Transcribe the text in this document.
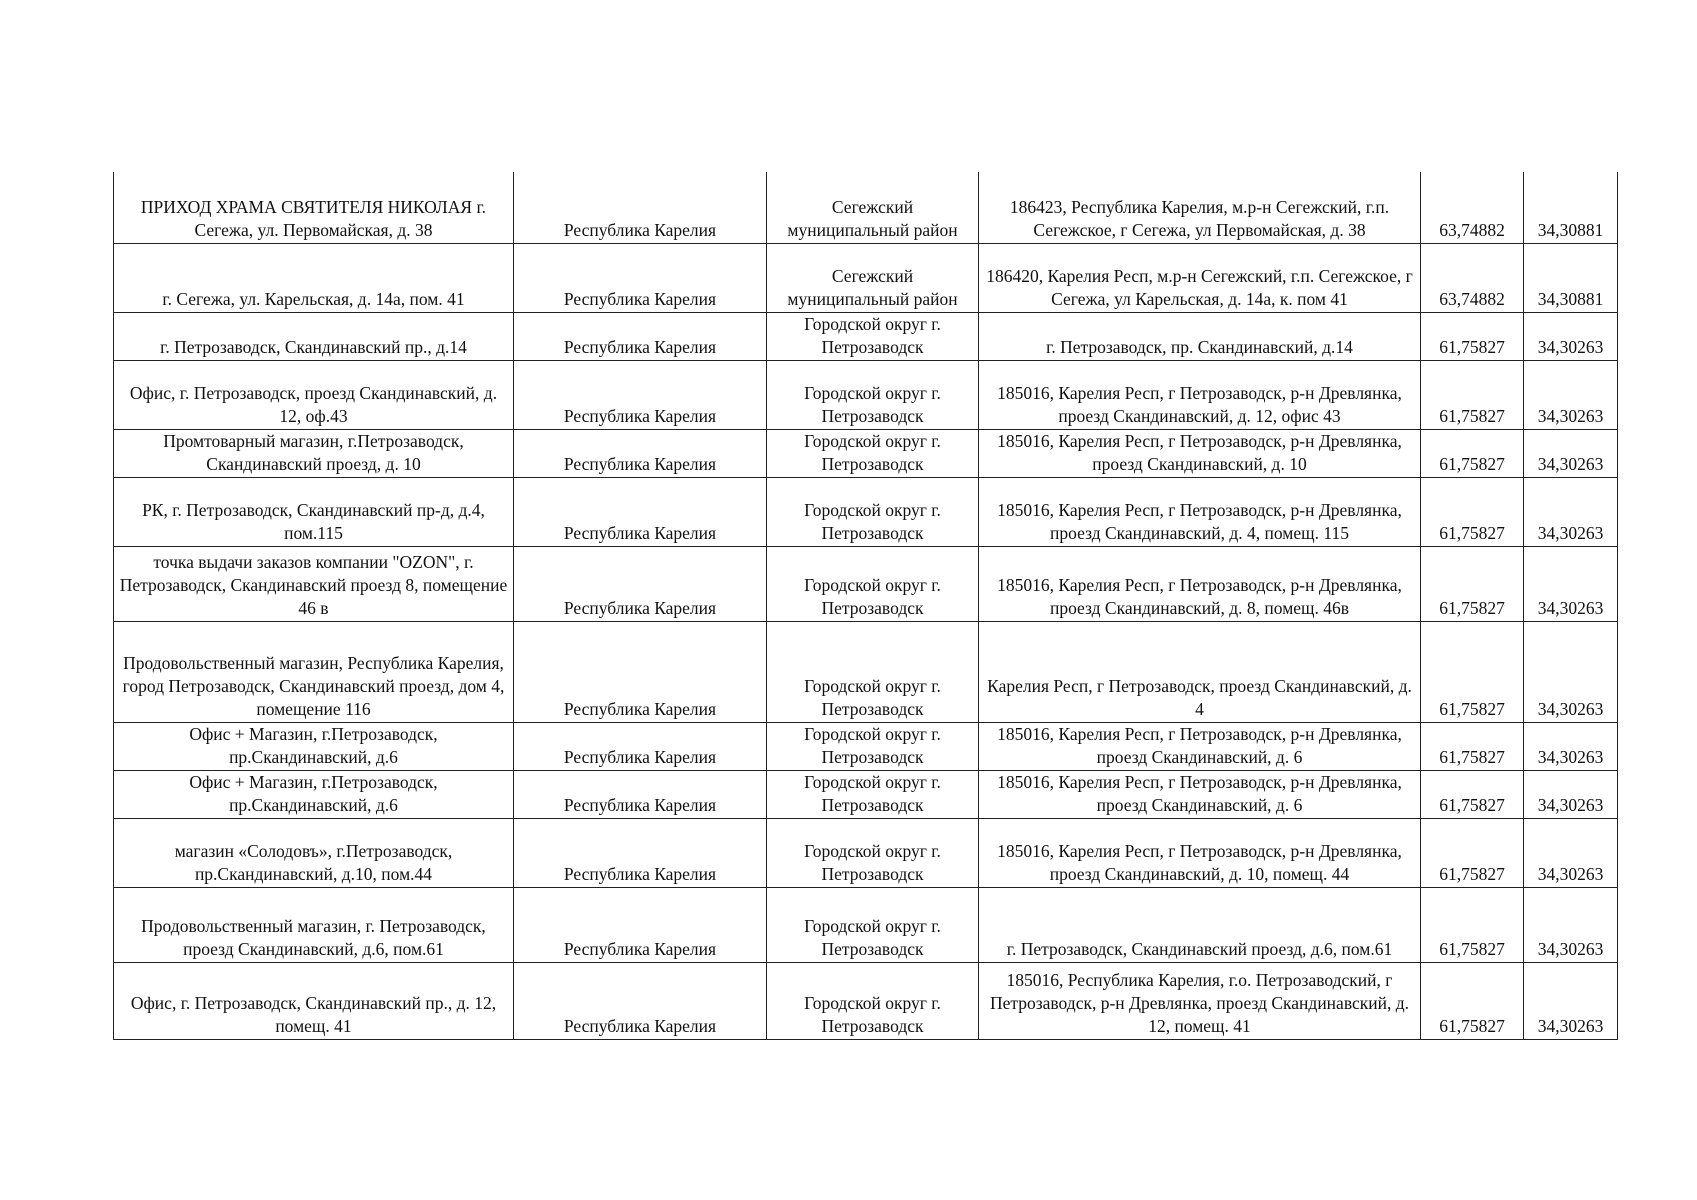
ПРИХОД ХРАМА СВЯТИТЕЛЯ НИКОЛАЯ г. Сегежа, ул. Первомайская, д. 38	Республика Карелия	Сегежский муниципальный район	186423, Республика Карелия, м.р-н Сегежский, г.п. Сегежское, г Сегежа, ул Первомайская, д. 38	63,74882	34,30881
г. Сегежа, ул. Карельская, д. 14а, пом. 41	Республика Карелия	Сегежский муниципальный район	186420, Карелия Респ, м.р-н Сегежский, г.п. Сегежское, г Сегежа, ул Карельская, д. 14а, к. пом 41	63,74882	34,30881
г. Петрозаводск, Скандинавский пр., д.14	Республика Карелия	Городской округ г. Петрозаводск	г. Петрозаводск, пр. Скандинавский, д.14	61,75827	34,30263
Офис, г. Петрозаводск, проезд Скандинавский, д. 12, оф.43	Республика Карелия	Городской округ г. Петрозаводск	185016, Карелия Респ, г Петрозаводск, р-н Древлянка, проезд Скандинавский, д. 12, офис 43	61,75827	34,30263
Промтоварный магазин, г.Петрозаводск, Скандинавский проезд, д. 10	Республика Карелия	Городской округ г. Петрозаводск	185016, Карелия Респ, г Петрозаводск, р-н Древлянка, проезд Скандинавский, д. 10	61,75827	34,30263
РК, г. Петрозаводск, Скандинавский пр-д, д.4, пом.115	Республика Карелия	Городской округ г. Петрозаводск	185016, Карелия Респ, г Петрозаводск, р-н Древлянка, проезд Скандинавский, д. 4, помещ. 115	61,75827	34,30263
точка выдачи заказов компании "OZON", г. Петрозаводск, Скандинавский проезд 8, помещение 46 в	Республика Карелия	Городской округ г. Петрозаводск	185016, Карелия Респ, г Петрозаводск, р-н Древлянка, проезд Скандинавский, д. 8, помещ. 46в	61,75827	34,30263
Продовольственный магазин, Республика Карелия, город Петрозаводск, Скандинавский проезд, дом 4, помещение 116	Республика Карелия	Городской округ г. Петрозаводск	Карелия Респ, г Петрозаводск, проезд Скандинавский, д. 4	61,75827	34,30263
Офис + Магазин, г.Петрозаводск, пр.Скандинавский, д.6	Республика Карелия	Городской округ г. Петрозаводск	185016, Карелия Респ, г Петрозаводск, р-н Древлянка, проезд Скандинавский, д. 6	61,75827	34,30263
Офис + Магазин, г.Петрозаводск, пр.Скандинавский, д.6	Республика Карелия	Городской округ г. Петрозаводск	185016, Карелия Респ, г Петрозаводск, р-н Древлянка, проезд Скандинавский, д. 6	61,75827	34,30263
магазин «Солодовъ», г.Петрозаводск, пр.Скандинавский, д.10, пом.44	Республика Карелия	Городской округ г. Петрозаводск	185016, Карелия Респ, г Петрозаводск, р-н Древлянка, проезд Скандинавский, д. 10, помещ. 44	61,75827	34,30263
Продовольственный магазин, г. Петрозаводск, проезд Скандинавский, д.6, пом.61	Республика Карелия	Городской округ г. Петрозаводск	г. Петрозаводск, Скандинавский проезд, д.6, пом.61	61,75827	34,30263
Офис, г. Петрозаводск, Скандинавский пр., д. 12, помещ. 41	Республика Карелия	Городской округ г. Петрозаводск	185016, Республика Карелия, г.о. Петрозаводский, г Петрозаводск, р-н Древлянка, проезд Скандинавский, д. 12, помещ. 41	61,75827	34,30263
